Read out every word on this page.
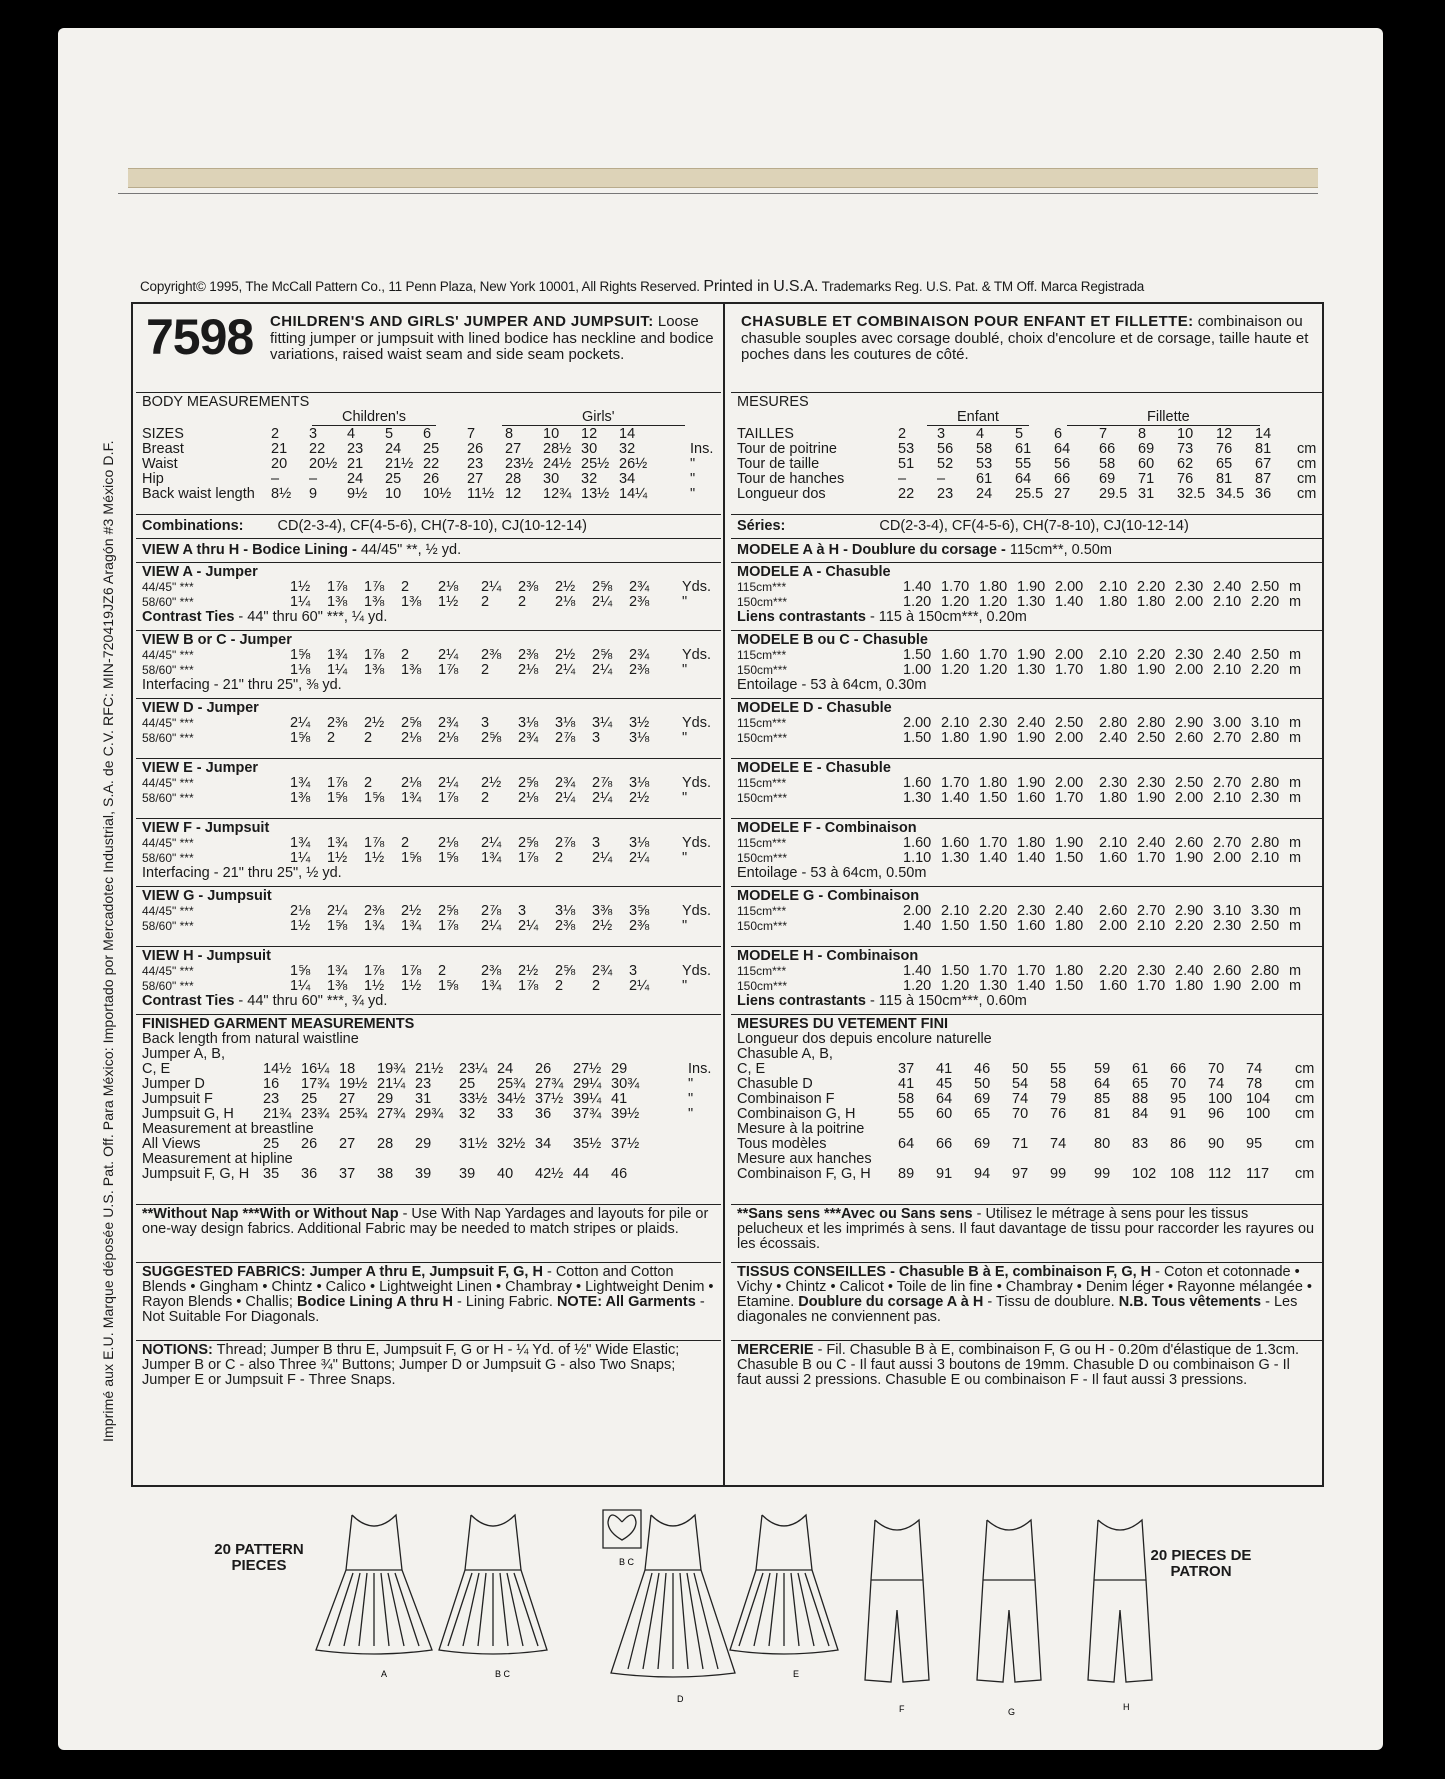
Copyright© 1995, The McCall Pattern Co., 11 Penn Plaza, New York 10001, All Rights Reserved. Printed in U.S.A. Trademarks Reg. U.S. Pat. & TM Off. Marca Registrada
Imprimé aux E.U. Marque déposée U.S. Pat. Off. Para México: Importado por Mercadotec Industrial, S.A. de C.V. RFC: MIN-720419JZ6 Aragón #3 México D.F.
7598 CHILDREN'S AND GIRLS' JUMPER AND JUMPSUIT: Loose fitting jumper or jumpsuit with lined bodice has neckline and bodice variations, raised waist seam and side seam pockets.
BODY MEASUREMENTS
Children's	Girls'
SIZES	2 3 4 5 6 7 8 10 12 14
Breast	21 22 23 24 25 26 27 28½ 30 32	Ins.
Waist	20 20½ 21 21½ 22 23 23½ 24½ 25½ 26½	"
Hip	– – 24 25 26 27 28 30 32 34	"
Back waist length 8½ 9 9½ 10 10½ 11½ 12 12¾ 13½ 14¼	"
Combinations: CD(2-3-4), CF(4-5-6), CH(7-8-10), CJ(10-12-14)
VIEW A thru H - Bodice Lining - 44/45" **, ½ yd.
VIEW A - Jumper
44/45" ***	1½ 1⅞ 1⅞ 2 2⅛ 2¼ 2⅜ 2½ 2⅝ 2¾ Yds.
58/60" ***	1¼ 1⅜ 1⅜ 1⅜ 1½ 2 2 2⅛ 2¼ 2⅜ "
Contrast Ties - 44" thru 60" ***, ¼ yd.
VIEW B or C - Jumper
44/45" ***	1⅝ 1¾ 1⅞ 2 2¼ 2⅜ 2⅜ 2½ 2⅝ 2¾ Yds.
58/60" ***	1⅛ 1¼ 1⅜ 1⅜ 1⅞ 2 2⅛ 2¼ 2¼ 2⅜ "
Interfacing - 21" thru 25", ⅜ yd.
VIEW D - Jumper
44/45" ***	2¼ 2⅜ 2½ 2⅝ 2¾ 3 3⅛ 3⅛ 3¼ 3½ Yds.
58/60" ***	1⅝ 2 2 2⅛ 2⅛ 2⅝ 2¾ 2⅞ 3 3⅛ "
VIEW E - Jumper
44/45" ***	1¾ 1⅞ 2 2⅛ 2¼ 2½ 2⅝ 2¾ 2⅞ 3⅛ Yds.
58/60" ***	1⅜ 1⅝ 1⅝ 1¾ 1⅞ 2 2⅛ 2¼ 2¼ 2½ "
VIEW F - Jumpsuit
44/45" ***	1¾ 1¾ 1⅞ 2 2⅛ 2¼ 2⅝ 2⅞ 3 3⅛ Yds.
58/60" ***	1¼ 1½ 1½ 1⅝ 1⅝ 1¾ 1⅞ 2 2¼ 2¼ "
Interfacing - 21" thru 25", ½ yd.
VIEW G - Jumpsuit
44/45" ***	2⅛ 2¼ 2⅜ 2½ 2⅝ 2⅞ 3 3⅛ 3⅜ 3⅝ Yds.
58/60" ***	1½ 1⅝ 1¾ 1¾ 1⅞ 2¼ 2¼ 2⅜ 2½ 2⅜ "
VIEW H - Jumpsuit
44/45" ***	1⅝ 1¾ 1⅞ 1⅞ 2 2⅜ 2½ 2⅝ 2¾ 3	Yds.
58/60" ***	1¼ 1⅜ 1½ 1½ 1⅝ 1¾ 1⅞ 2 2 2¼ "
Contrast Ties - 44" thru 60" ***, ¾ yd.
FINISHED GARMENT MEASUREMENTS
Back length from natural waistline
Jumper A, B,
C, E	14½ 16¼ 18 19¾ 21½ 23¼ 24 26 27½ 29	Ins.
Jumper D	16 17¾ 19½ 21¼ 23 25 25¾ 27¾ 29¼ 30¾	"
Jumpsuit F	23 25 27 29 31 33½ 34½ 37½ 39¼ 41	"
Jumpsuit G, H 21¾ 23¾ 25¾ 27¾ 29¾ 32 33 36 37¾ 39½	"
Measurement at breastline
All Views	25 26 27 28 29 31½ 32½ 34 35½ 37½
Measurement at hipline
Jumpsuit F, G, H 35 36 37 38 39 39 40 42½ 44 46

**Without Nap ***With or Without Nap - Use With Nap Yardages and layouts for pile or one-way design fabrics. Additional Fabric may be needed to match stripes or plaids.

SUGGESTED FABRICS: Jumper A thru E, Jumpsuit F, G, H - Cotton and Cotton Blends • Gingham • Chintz • Calico • Lightweight Linen • Chambray • Lightweight Denim • Rayon Blends • Challis; Bodice Lining A thru H - Lining Fabric. NOTE: All Garments - Not Suitable For Diagonals.

NOTIONS: Thread; Jumper B thru E, Jumpsuit F, G or H - ¼ Yd. of ½" Wide Elastic; Jumper B or C - also Three ¾" Buttons; Jumper D or Jumpsuit G - also Two Snaps; Jumper E or Jumpsuit F - Three Snaps.

CHASUBLE ET COMBINAISON POUR ENFANT ET FILLETTE: combinaison ou chasuble souples avec corsage doublé, choix d'encolure et de corsage, taille haute et poches dans les coutures de côté.
MESURES
Enfant	Fillette
TAILLES	2 3 4 5 6	7 8 10 12 14
Tour de poitrine	53 56 58 61 64 66 69 73 76 81 cm
Tour de taille	51 52 53 55 56 58 60 62 65 67 cm
Tour de hanches	– – 61 64 66 69 71 76 81 87 cm
Longueur dos	22 23 24 25.5 27 29.5 31 32.5 34.5 36 cm
Séries:	CD(2-3-4), CF(4-5-6), CH(7-8-10), CJ(10-12-14)
MODELE A à H - Doublure du corsage - 115cm**, 0.50m
MODELE A - Chasuble
115cm***	1.40 1.70 1.80 1.90 2.00 2.10 2.20 2.30 2.40 2.50 m
150cm***	1.20 1.20 1.20 1.30 1.40 1.80 1.80 2.00 2.10 2.20 m
Liens contrastants - 115 à 150cm***, 0.20m
MODELE B ou C - Chasuble
115cm***	1.50 1.60 1.70 1.90 2.00 2.10 2.20 2.30 2.40 2.50 m
150cm***	1.00 1.20 1.20 1.30 1.70 1.80 1.90 2.00 2.10 2.20 m
Entoilage - 53 à 64cm, 0.30m
MODELE D - Chasuble
115cm***	2.00 2.10 2.30 2.40 2.50 2.80 2.80 2.90 3.00 3.10 m
150cm***	1.50 1.80 1.90 1.90 2.00 2.40 2.50 2.60 2.70 2.80 m
MODELE E - Chasuble
115cm***	1.60 1.70 1.80 1.90 2.00 2.30 2.30 2.50 2.70 2.80 m
150cm***	1.30 1.40 1.50 1.60 1.70 1.80 1.90 2.00 2.10 2.30 m
MODELE F - Combinaison
115cm***	1.60 1.60 1.70 1.80 1.90 2.10 2.40 2.60 2.70 2.80 m
150cm***	1.10 1.30 1.40 1.40 1.50 1.60 1.70 1.90 2.00 2.10 m
Entoilage - 53 à 64cm, 0.50m
MODELE G - Combinaison
115cm***	2.00 2.10 2.20 2.30 2.40 2.60 2.70 2.90 3.10 3.30 m
150cm***	1.40 1.50 1.50 1.60 1.80 2.00 2.10 2.20 2.30 2.50 m
MODELE H - Combinaison
115cm***	1.40 1.50 1.70 1.70 1.80 2.20 2.30 2.40 2.60 2.80 m
150cm***	1.20 1.20 1.30 1.40 1.50 1.60 1.70 1.80 1.90 2.00 m
Liens contrastants - 115 à 150cm***, 0.60m
MESURES DU VETEMENT FINI
Longueur dos depuis encolure naturelle
Chasuble A, B,
C, E	37 41 46 50 55 59 61 66 70 74 cm
Chasuble D	41 45 50 54 58 64 65 70 74 78 cm
Combinaison F	58 64 69 74 79 85 88 95 100 104 cm
Combinaison G, H	55 60 65 70 76 81 84 91 96 100 cm
Mesure à la poitrine
Tous modèles	64 66 69 71 74 80 83 86 90 95 cm
Mesure aux hanches
Combinaison F, G, H 89 91 94 97 99 99 102 108 112 117 cm

**Sans sens ***Avec ou Sans sens - Utilisez le métrage à sens pour les tissus pelucheux et les imprimés à sens. Il faut davantage de tissu pour raccorder les rayures ou les écossais.

TISSUS CONSEILLES - Chasuble B à E, combinaison F, G, H - Coton et cotonnade • Vichy • Chintz • Calicot • Toile de lin fine • Chambray • Denim léger • Rayonne mélangée • Etamine. Doublure du corsage A à H - Tissu de doublure. N.B. Tous vêtements - Les diagonales ne conviennent pas.

MERCERIE - Fil. Chasuble B à E, combinaison F, G ou H - 0.20m d'élastique de 1.3cm. Chasuble B ou C - Il faut aussi 3 boutons de 19mm. Chasuble D ou combinaison G - Il faut aussi 2 pressions. Chasuble E ou combinaison F - Il faut aussi 3 pressions.

20 PATTERN PIECES
20 PIECES DE PATRON
A	B C
B C
D
E
F	G	H
